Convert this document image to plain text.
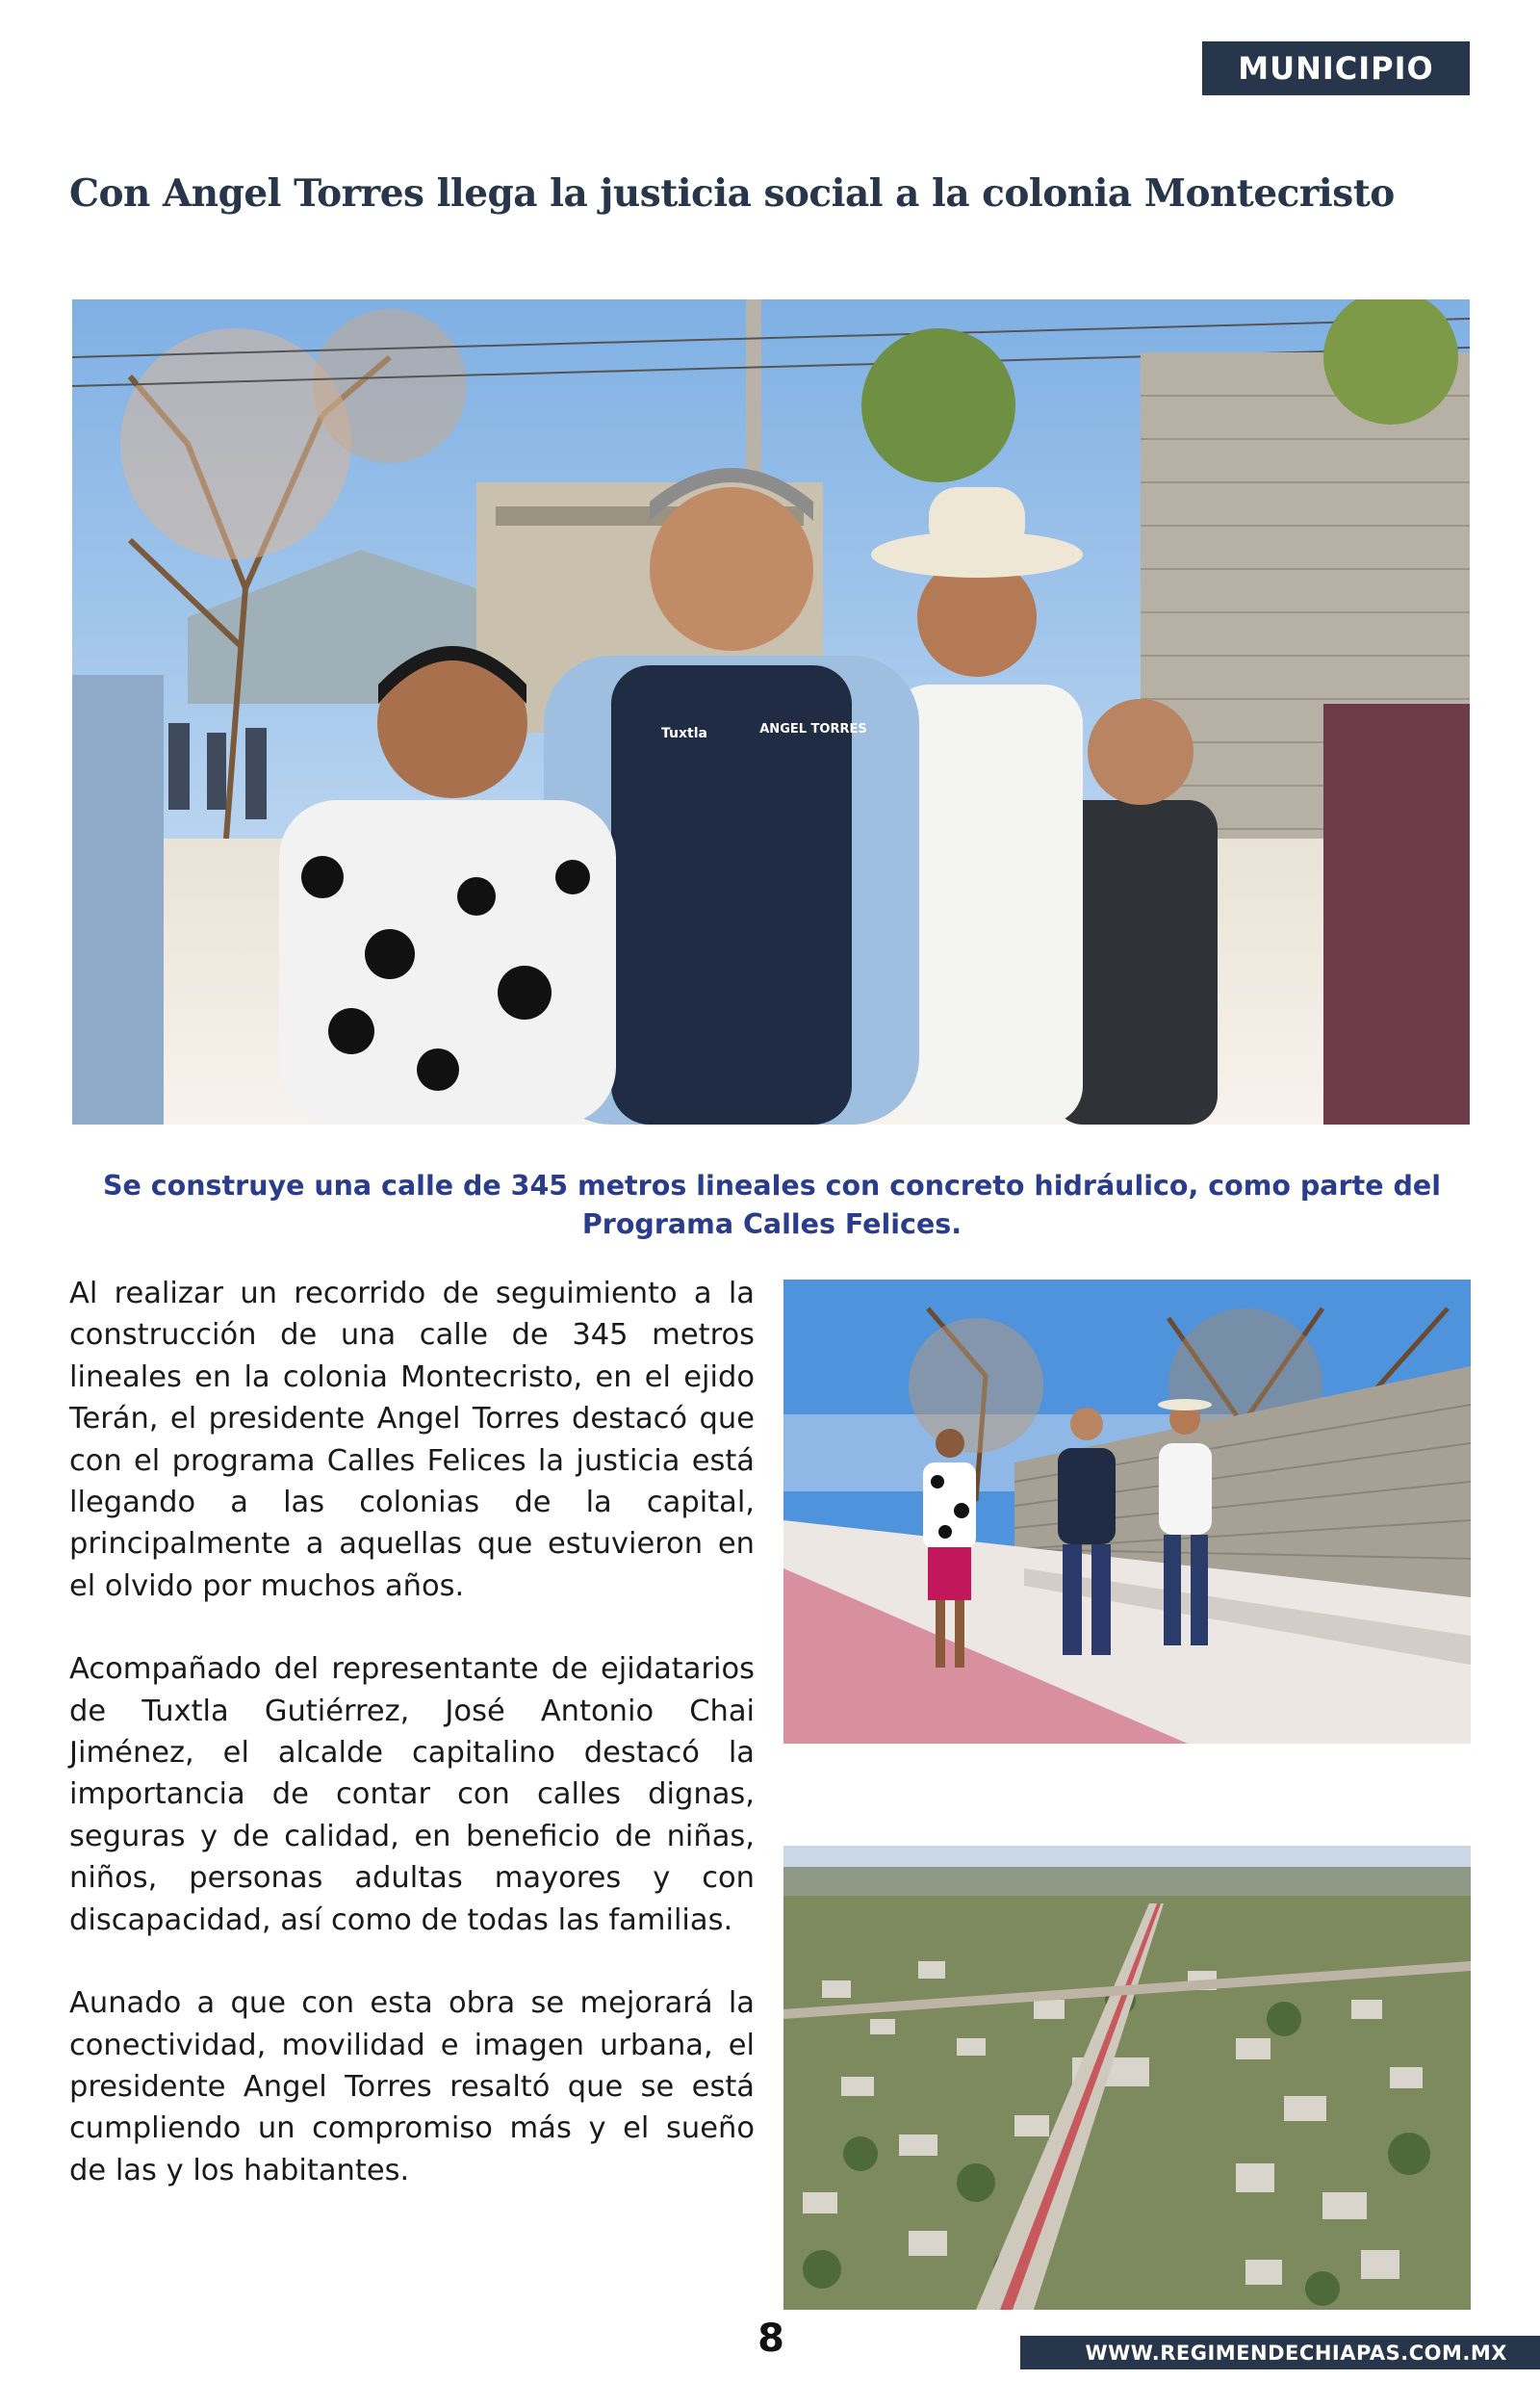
MUNICIPIO
Con Angel Torres llega la justicia social a la colonia Montecristo
Tuxtla	ANGEL TORRES

Se construye una calle de 345 metros lineales con concreto hidráulico, como parte del Programa Calles Felices.

Al realizar un recorrido de seguimiento a la construcción de una calle de 345 metros lineales en la colonia Montecristo, en el ejido Terán, el presidente Angel Torres destacó que con el programa Calles Felices la justicia está llegando a las colonias de la capital, principalmente a aquellas que estuvieron en el olvido por muchos años.

Acompañado del representante de ejidatarios de Tuxtla Gutiérrez, José Antonio Chai Jiménez, el alcalde capitalino destacó la importancia de contar con calles dignas, seguras y de calidad, en beneficio de niñas, niños, personas adultas mayores y con discapacidad, así como de todas las familias.

Aunado a que con esta obra se mejorará la conectividad, movilidad e imagen urbana, el presidente Angel Torres resaltó que se está cumpliendo un compromiso más y el sueño de las y los habitantes.

8	WWW.REGIMENDECHIAPAS.COM.MX
